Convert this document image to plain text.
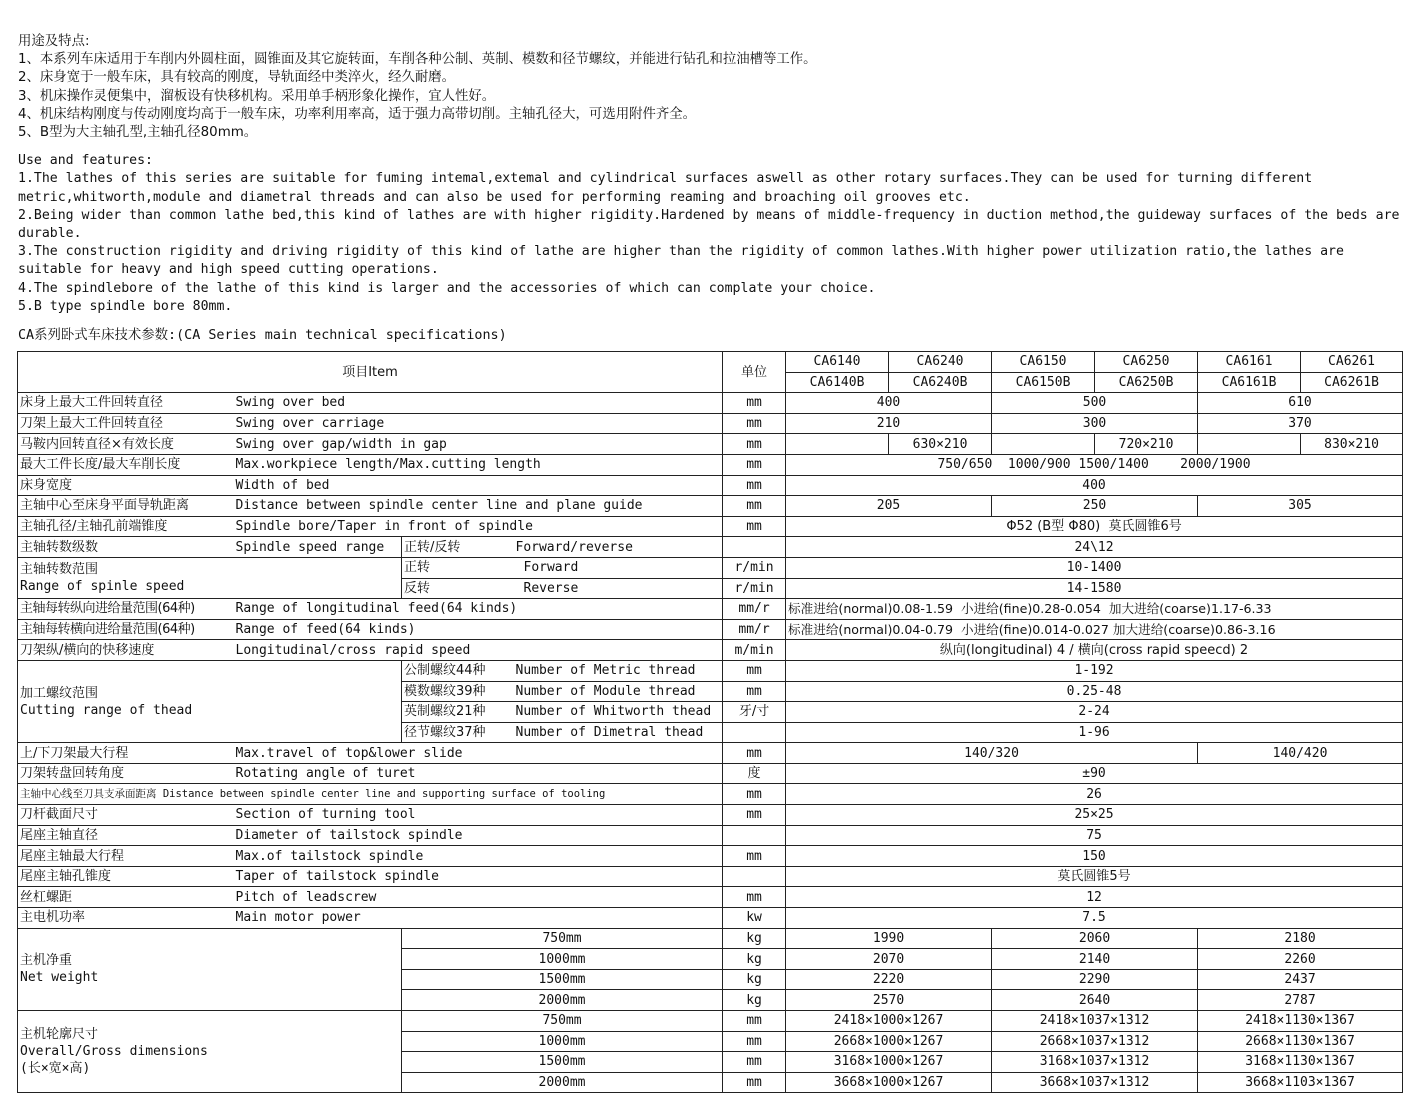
用途及特点:
1、本系列车床适用于车削内外圆柱面，圆锥面及其它旋转面，车削各种公制、英制、模数和径节螺纹，并能进行钻孔和拉油槽等工作。
2、床身宽于一般车床，具有较高的刚度，导轨面经中类淬火，经久耐磨。
3、机床操作灵便集中，溜板设有快移机构。采用单手柄形象化操作，宜人性好。
4、机床结构刚度与传动刚度均高于一般车床，功率利用率高，适于强力高带切削。主轴孔径大，可选用附件齐全。
5、B型为大主轴孔型,主轴孔径80mm。
Use and features:
1.The lathes of this series are suitable for fuming intemal,extemal and cylindrical surfaces aswell as other rotary surfaces.They can be used for turning different metric,whitworth,module and diametral threads and can also be used for performing reaming and broaching oil grooves etc.
2.Being wider than common lathe bed,this kind of lathes are with higher rigidity.Hardened by means of middle-frequency in duction method,the guideway surfaces of the beds are durable.
3.The construction rigidity and driving rigidity of this kind of lathe are higher than the rigidity of common lathes.With higher power utilization ratio,the lathes are suitable for heavy and high speed cutting operations.
4.The spindlebore of the lathe of this kind is larger and the accessories of which can complate your choice.
5.B type spindle bore 80mm.
CA系列卧式车床技术参数:(CA Series main technical specifications)
项目Item				单位	CA6140	CA6240	CA6150	CA6250	CA6161	CA6261
					CA6140B	CA6240B	CA6150B	CA6250B	CA6161B	CA6261B
床身上最大工件回转直径	Swing over bed			mm	400		500		610	
刀架上最大工件回转直径	Swing over carriage			mm	210		300		370	
马鞍内回转直径×有效长度	Swing over gap/width in gap			mm		630×210		720×210		830×210
最大工件长度/最大车削长度	Max.workpiece length/Max.cutting length			mm	750/650  1000/900 1500/1400    2000/1900					
床身宽度	Width of bed			mm	400					
主轴中心至床身平面导轨距离	Distance between spindle center line and plane guide			mm	205		250		305	
主轴孔径/主轴孔前端锥度	Spindle bore/Taper in front of spindle			mm	Φ52 (B型 Φ80)  莫氏圆锥6号					
主轴转数级数	Spindle speed range	正转/反转	Forward/reverse		24\12					

主轴转数范围
Range of spinle speed		正转	Forward	r/min	10-1400					
		反转	Reverse	r/min	14-1580					
主轴每转纵向进给量范围(64种)	Range of longitudinal feed(64 kinds)			mm/r	标准进给(normal)0.08-1.59  小进给(fine)0.28-0.054  加大进给(coarse)1.17-6.33					
主轴每转横向进给量范围(64种)	Range of feed(64 kinds)			mm/r	标准进给(normal)0.04-0.79  小进给(fine)0.014-0.027 加大进给(coarse)0.86-3.16					
刀架纵/横向的快移速度	Longitudinal/cross rapid speed			m/min	纵向(longitudinal) 4 / 横向(cross rapid speecd) 2					

加工螺纹范围
Cutting range of thead		公制螺纹44种	Number of Metric thread	mm	1-192					
		模数螺纹39种	Number of Module thread	mm	0.25-48					
		英制螺纹21种	Number of Whitworth thead	牙/寸	2-24					
		径节螺纹37种	Number of Dimetral thead		1-96					
上/下刀架最大行程	Max.travel of top&lower slide			mm	140/320				140/420	
刀架转盘回转角度	Rotating angle of turet			度	±90					
主轴中心线至刀具支承面距离 Distance between spindle center line and supporting surface of tooling				mm	26					
刀杆截面尺寸	Section of turning tool			mm	25×25					
尾座主轴直径	Diameter of tailstock spindle				75					
尾座主轴最大行程	Max.of tailstock spindle			mm	150					
尾座主轴孔锥度	Taper of tailstock spindle				莫氏圆锥5号					
丝杠螺距	Pitch of leadscrew			mm	12					
主电机功率	Main motor power			kw	7.5					

主机净重
Net weight		750mm		kg	1990		2060		2180	
		1000mm		kg	2070		2140		2260	
		1500mm		kg	2220		2290		2437	
		2000mm		kg	2570		2640		2787	

主机轮廓尺寸
Overall/Gross dimensions
(长×宽×高)		750mm		mm	2418×1000×1267		2418×1037×1312		2418×1130×1367	
		1000mm		mm	2668×1000×1267		2668×1037×1312		2668×1130×1367	
		1500mm		mm	3168×1000×1267		3168×1037×1312		3168×1130×1367	
		2000mm		mm	3668×1000×1267		3668×1037×1312		3668×1103×1367	
